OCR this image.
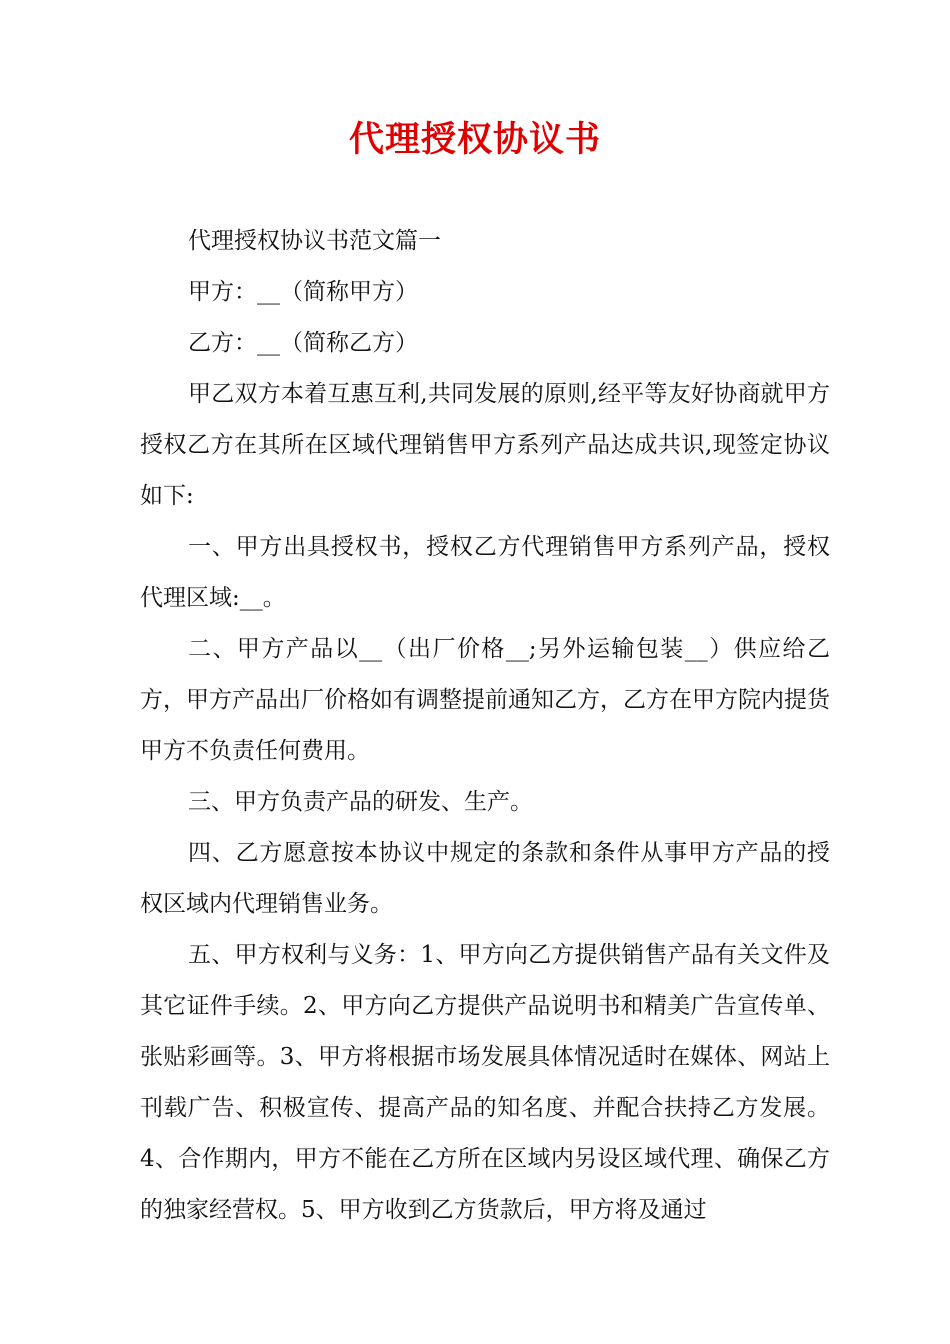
代理授权协议书

代理授权协议书范文篇一

甲方：__（简称甲方）

乙方：__（简称乙方）

甲乙双方本着互惠互利,共同发展的原则,经平等友好协商就甲方授权乙方在其所在区域代理销售甲方系列产品达成共识,现签定协议如下:

一、甲方出具授权书，授权乙方代理销售甲方系列产品，授权代理区域:__。

二、甲方产品以__（出厂价格__;另外运输包装__）供应给乙方，甲方产品出厂价格如有调整提前通知乙方，乙方在甲方院内提货甲方不负责任何费用。

三、甲方负责产品的研发、生产。

四、乙方愿意按本协议中规定的条款和条件从事甲方产品的授权区域内代理销售业务。

五、甲方权利与义务：1、甲方向乙方提供销售产品有关文件及其它证件手续。2、甲方向乙方提供产品说明书和精美广告宣传单、张贴彩画等。3、甲方将根据市场发展具体情况适时在媒体、网站上刊载广告、积极宣传、提高产品的知名度、并配合扶持乙方发展。4、合作期内，甲方不能在乙方所在区域内另设区域代理、确保乙方的独家经营权。5、甲方收到乙方货款后，甲方将及通过
